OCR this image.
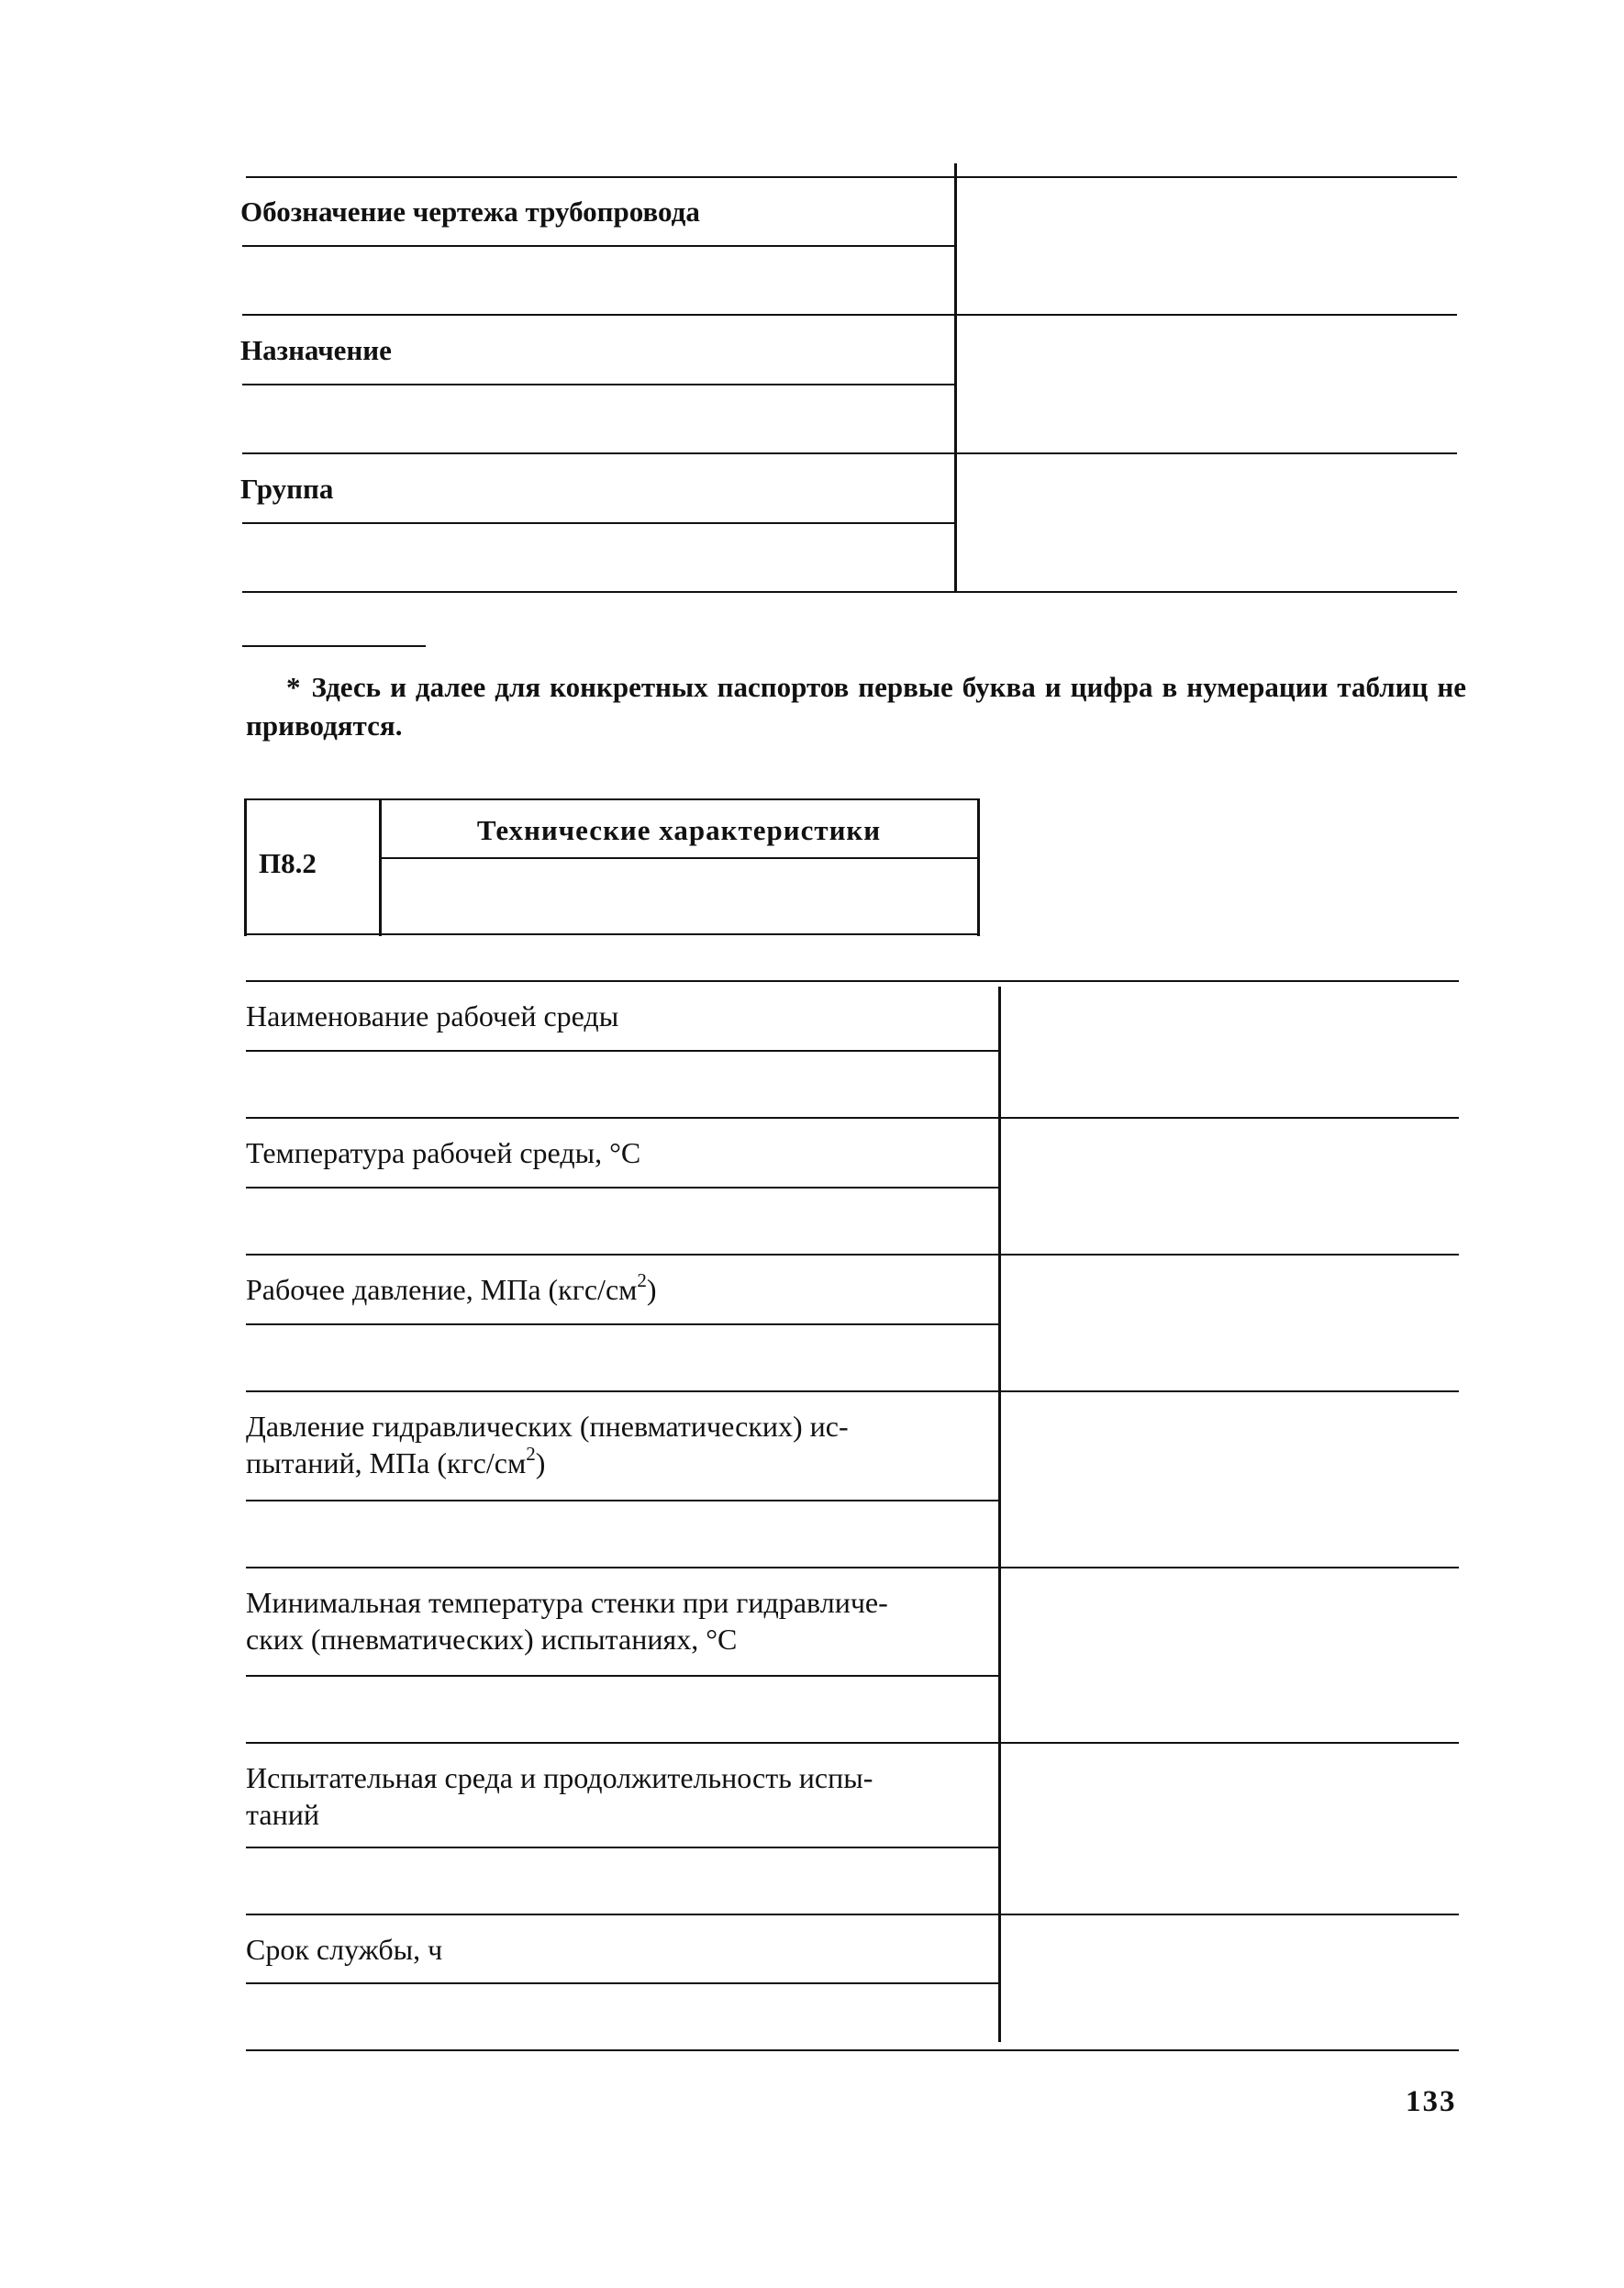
Обозначение чертежа трубопровода
Назначение
Группа
* Здесь и далее для конкретных паспортов первые буква и цифра в нумерации таблиц не приводятся.
П8.2
Технические характеристики
Наименование рабочей среды
Температура рабочей среды, °С
Рабочее давление, МПа $(кгс/см^2)$
Давление гидравлических (пневматических) ис-
пытаний, МПа $(кгс/см^2)$
Минимальная температура стенки при гидравличе-
ских (пневматических) испытаниях, °С
Испытательная среда и продолжительность испы-
таний
Срок службы, ч
133
